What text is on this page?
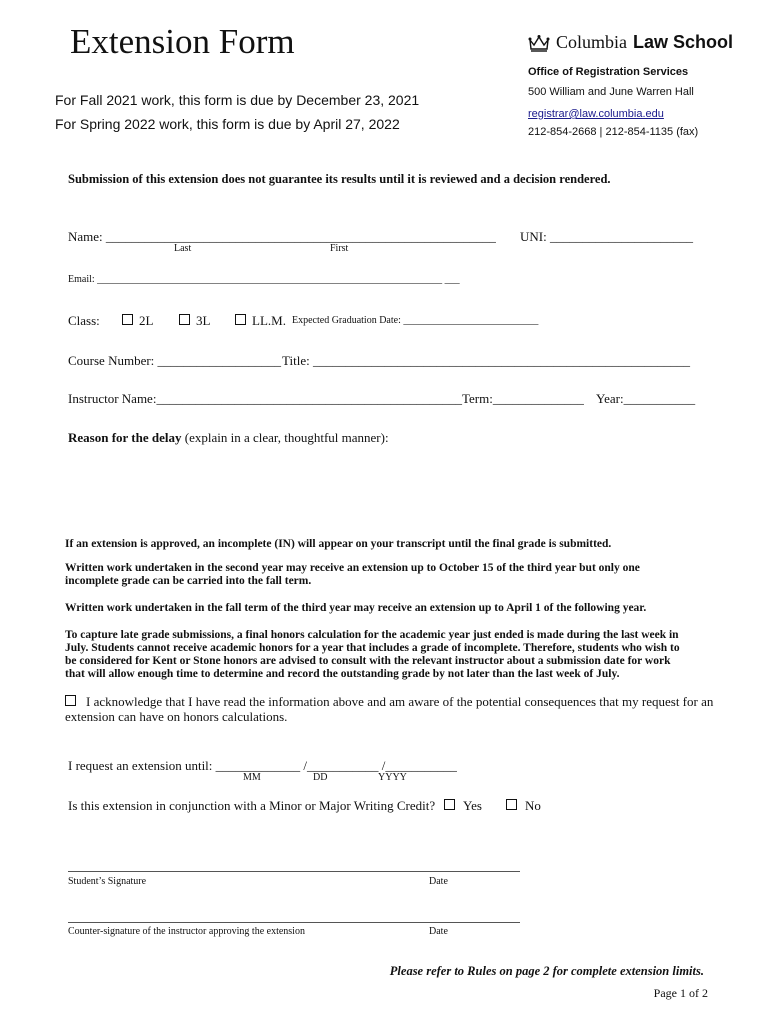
Extension Form	Columbia Law School
Office of Registration Services
500 William and June Warren Hall
registrar@law.columbia.edu
212-854-2668 | 212-854-1135 (fax)
For Fall 2021 work, this form is due by December 23, 2021
For Spring 2022 work, this form is due by April 27, 2022
Submission of this extension does not guarantee its results until it is reviewed and a decision rendered.
Name: ____________________________________________________________ UNI: ______________________
Last	First
Email: _____________________________________________________________________ ___
Class:	2L	3L	LL.M. Expected Graduation Date: ___________________________
Course Number: ___________________ Title: __________________________________________________________
Instructor Name:_______________________________________________ Term:______________ Year:___________
Reason for the delay (explain in a clear, thoughtful manner):
If an extension is approved, an incomplete (IN) will appear on your transcript until the final grade is submitted.
Written work undertaken in the second year may receive an extension up to October 15 of the third year but only one
incomplete grade can be carried into the fall term.
Written work undertaken in the fall term of the third year may receive an extension up to April 1 of the following year.
To capture late grade submissions, a final honors calculation for the academic year just ended is made during the last week in
July. Students cannot receive academic honors for a year that includes a grade of incomplete. Therefore, students who wish to
be considered for Kent or Stone honors are advised to consult with the relevant instructor about a submission date for work
that will allow enough time to determine and record the outstanding grade by not later than the last week of July.
I acknowledge that I have read the information above and am aware of the potential consequences that my request for an
extension can have on honors calculations.
I request an extension until: _____________ /___________ /___________
MM	DD	YYYY
Is this extension in conjunction with a Minor or Major Writing Credit?	Yes	No
Student’s Signature	Date
Counter-signature of the instructor approving the extension	Date
Please refer to Rules on page 2 for complete extension limits.
Page 1 of 2
